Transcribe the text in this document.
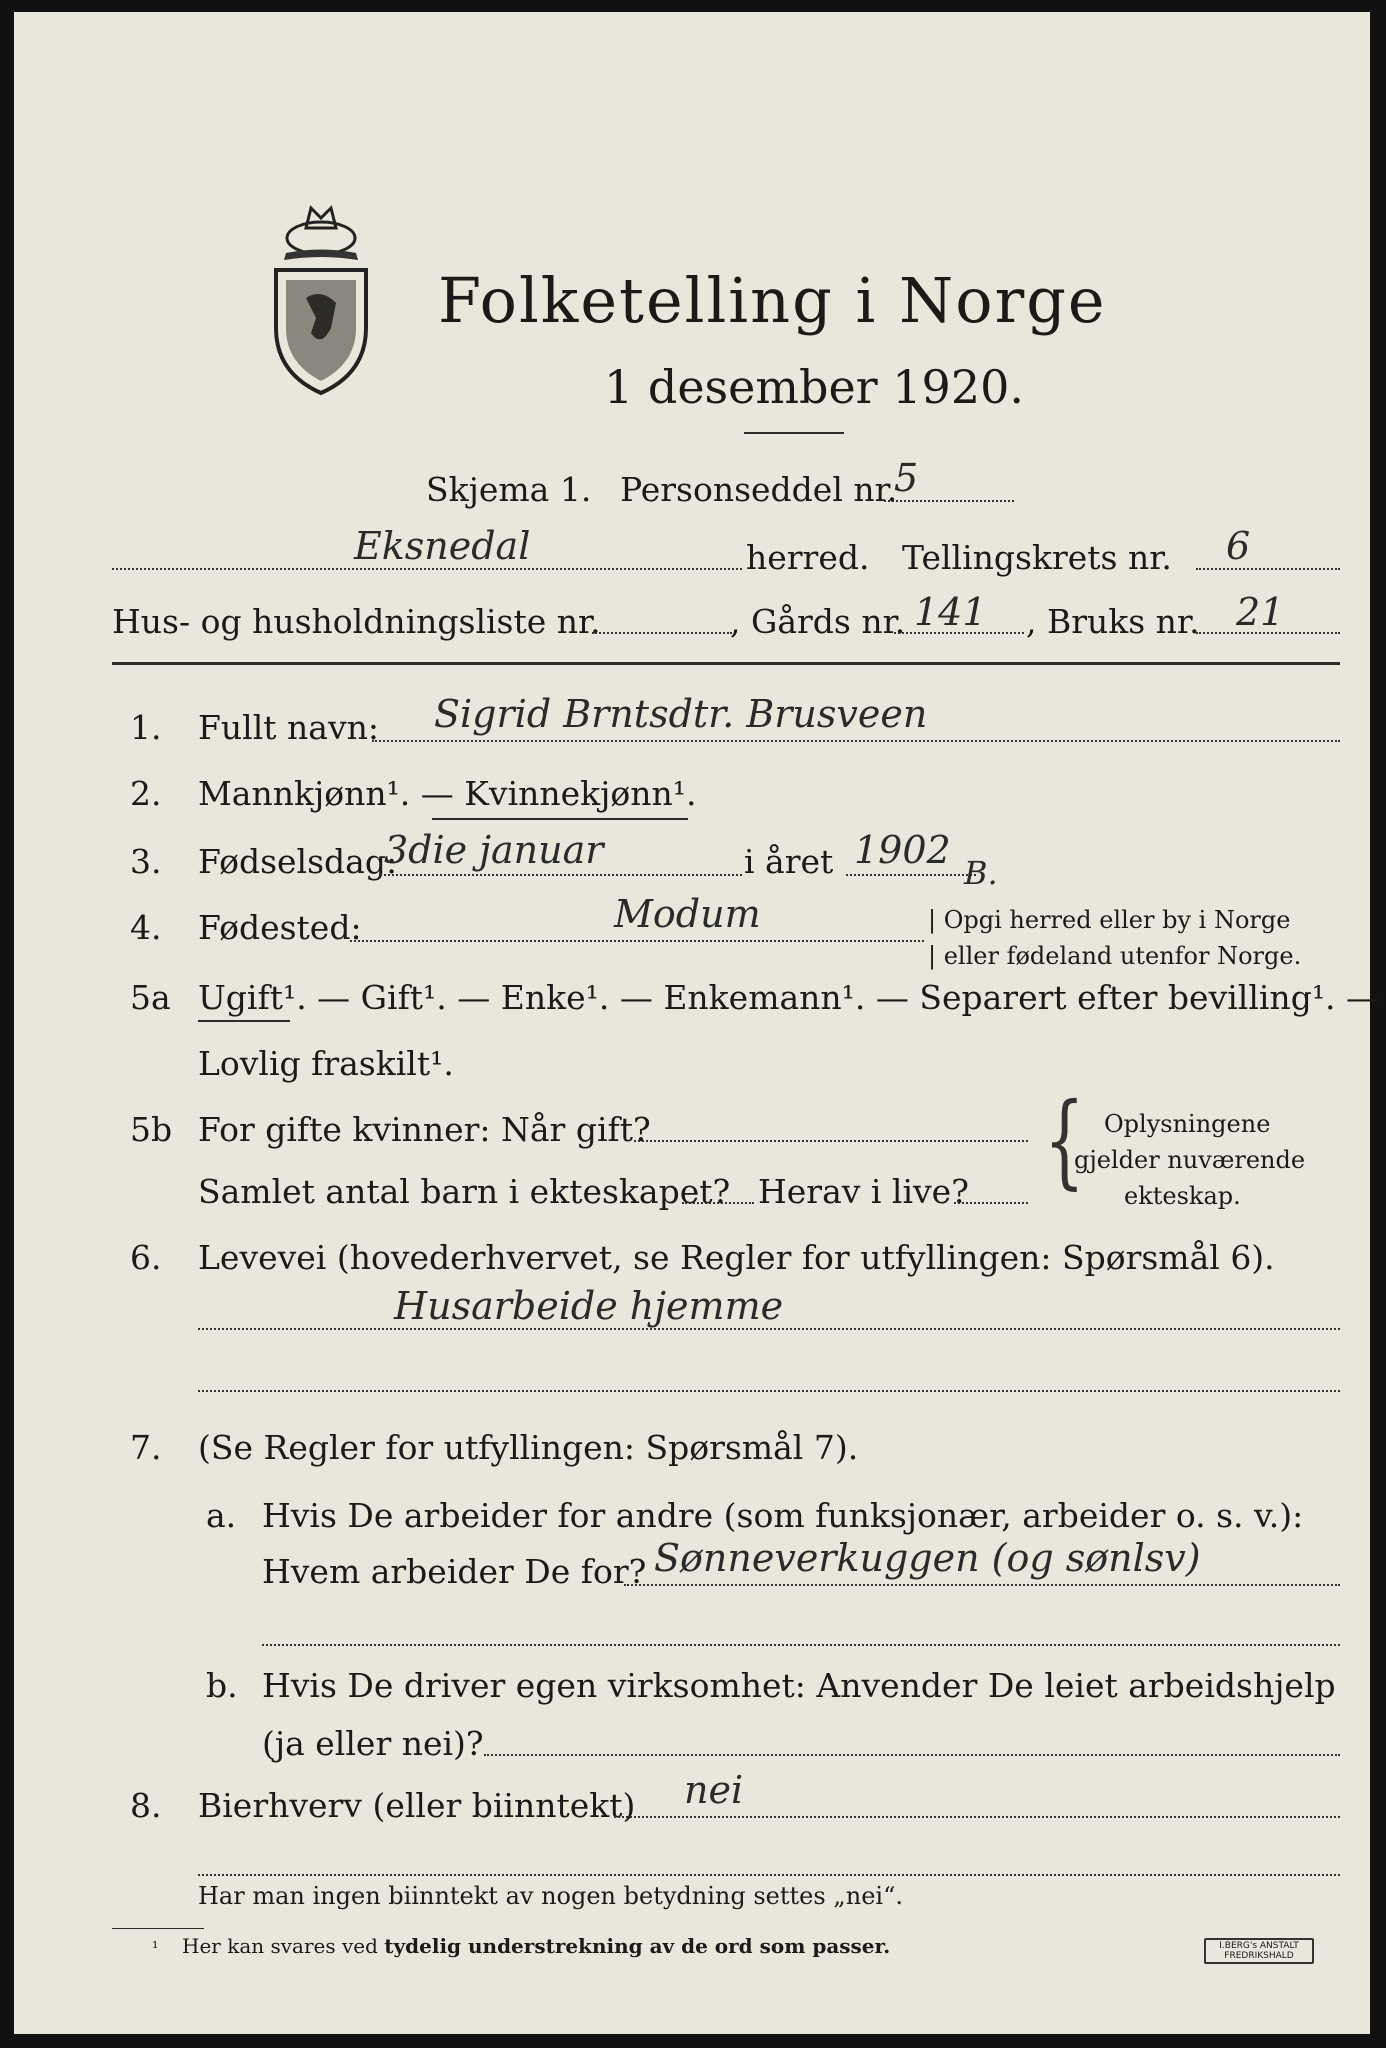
Folketelling i Norge
1 desember 1920.
Skjema 1. Personseddel nr.
5
Eksnedal	herred. Tellingskrets nr. 6
Hus- og husholdningsliste nr.	, Gårds nr. 141 , Bruks nr. 21
1. Fullt navn: Sigrid Brntsdtr. Brusveen
2. Mannkjønn¹. — Kvinnekjønn¹.
3. Fødselsdag:
3die januar	i året 1902
4. Fødested:	Modum
B.
| Opgi herred eller by i Norge
| eller fødeland utenfor Norge.
5a Ugift¹. — Gift¹. — Enke¹. — Enkemann¹. — Separert efter bevilling¹. —
Lovlig fraskilt¹.
5b For gifte kvinner: Når gift?
Samlet antal barn i ekteskapet? Herav i live? { Oplysningene
gjelder nuværende
ekteskap.
6. Levevei (hovederhvervet, se Regler for utfyllingen: Spørsmål 6).
Husarbeide hjemme
7. (Se Regler for utfyllingen: Spørsmål 7).
a. Hvis De arbeider for andre (som funksjonær, arbeider o. s. v.):
Hvem arbeider De for? Sønneverkuggen (og sønlsv)
b. Hvis De driver egen virksomhet: Anvender De leiet arbeidshjelp
(ja eller nei)?
8. Bierhverv (eller biinntekt) nei
Har man ingen biinntekt av nogen betydning settes „nei“.
¹ Her kan svares ved tydelig understrekning av de ord som passer.	I.BERG's ANSTALT FREDRIKSHALD
